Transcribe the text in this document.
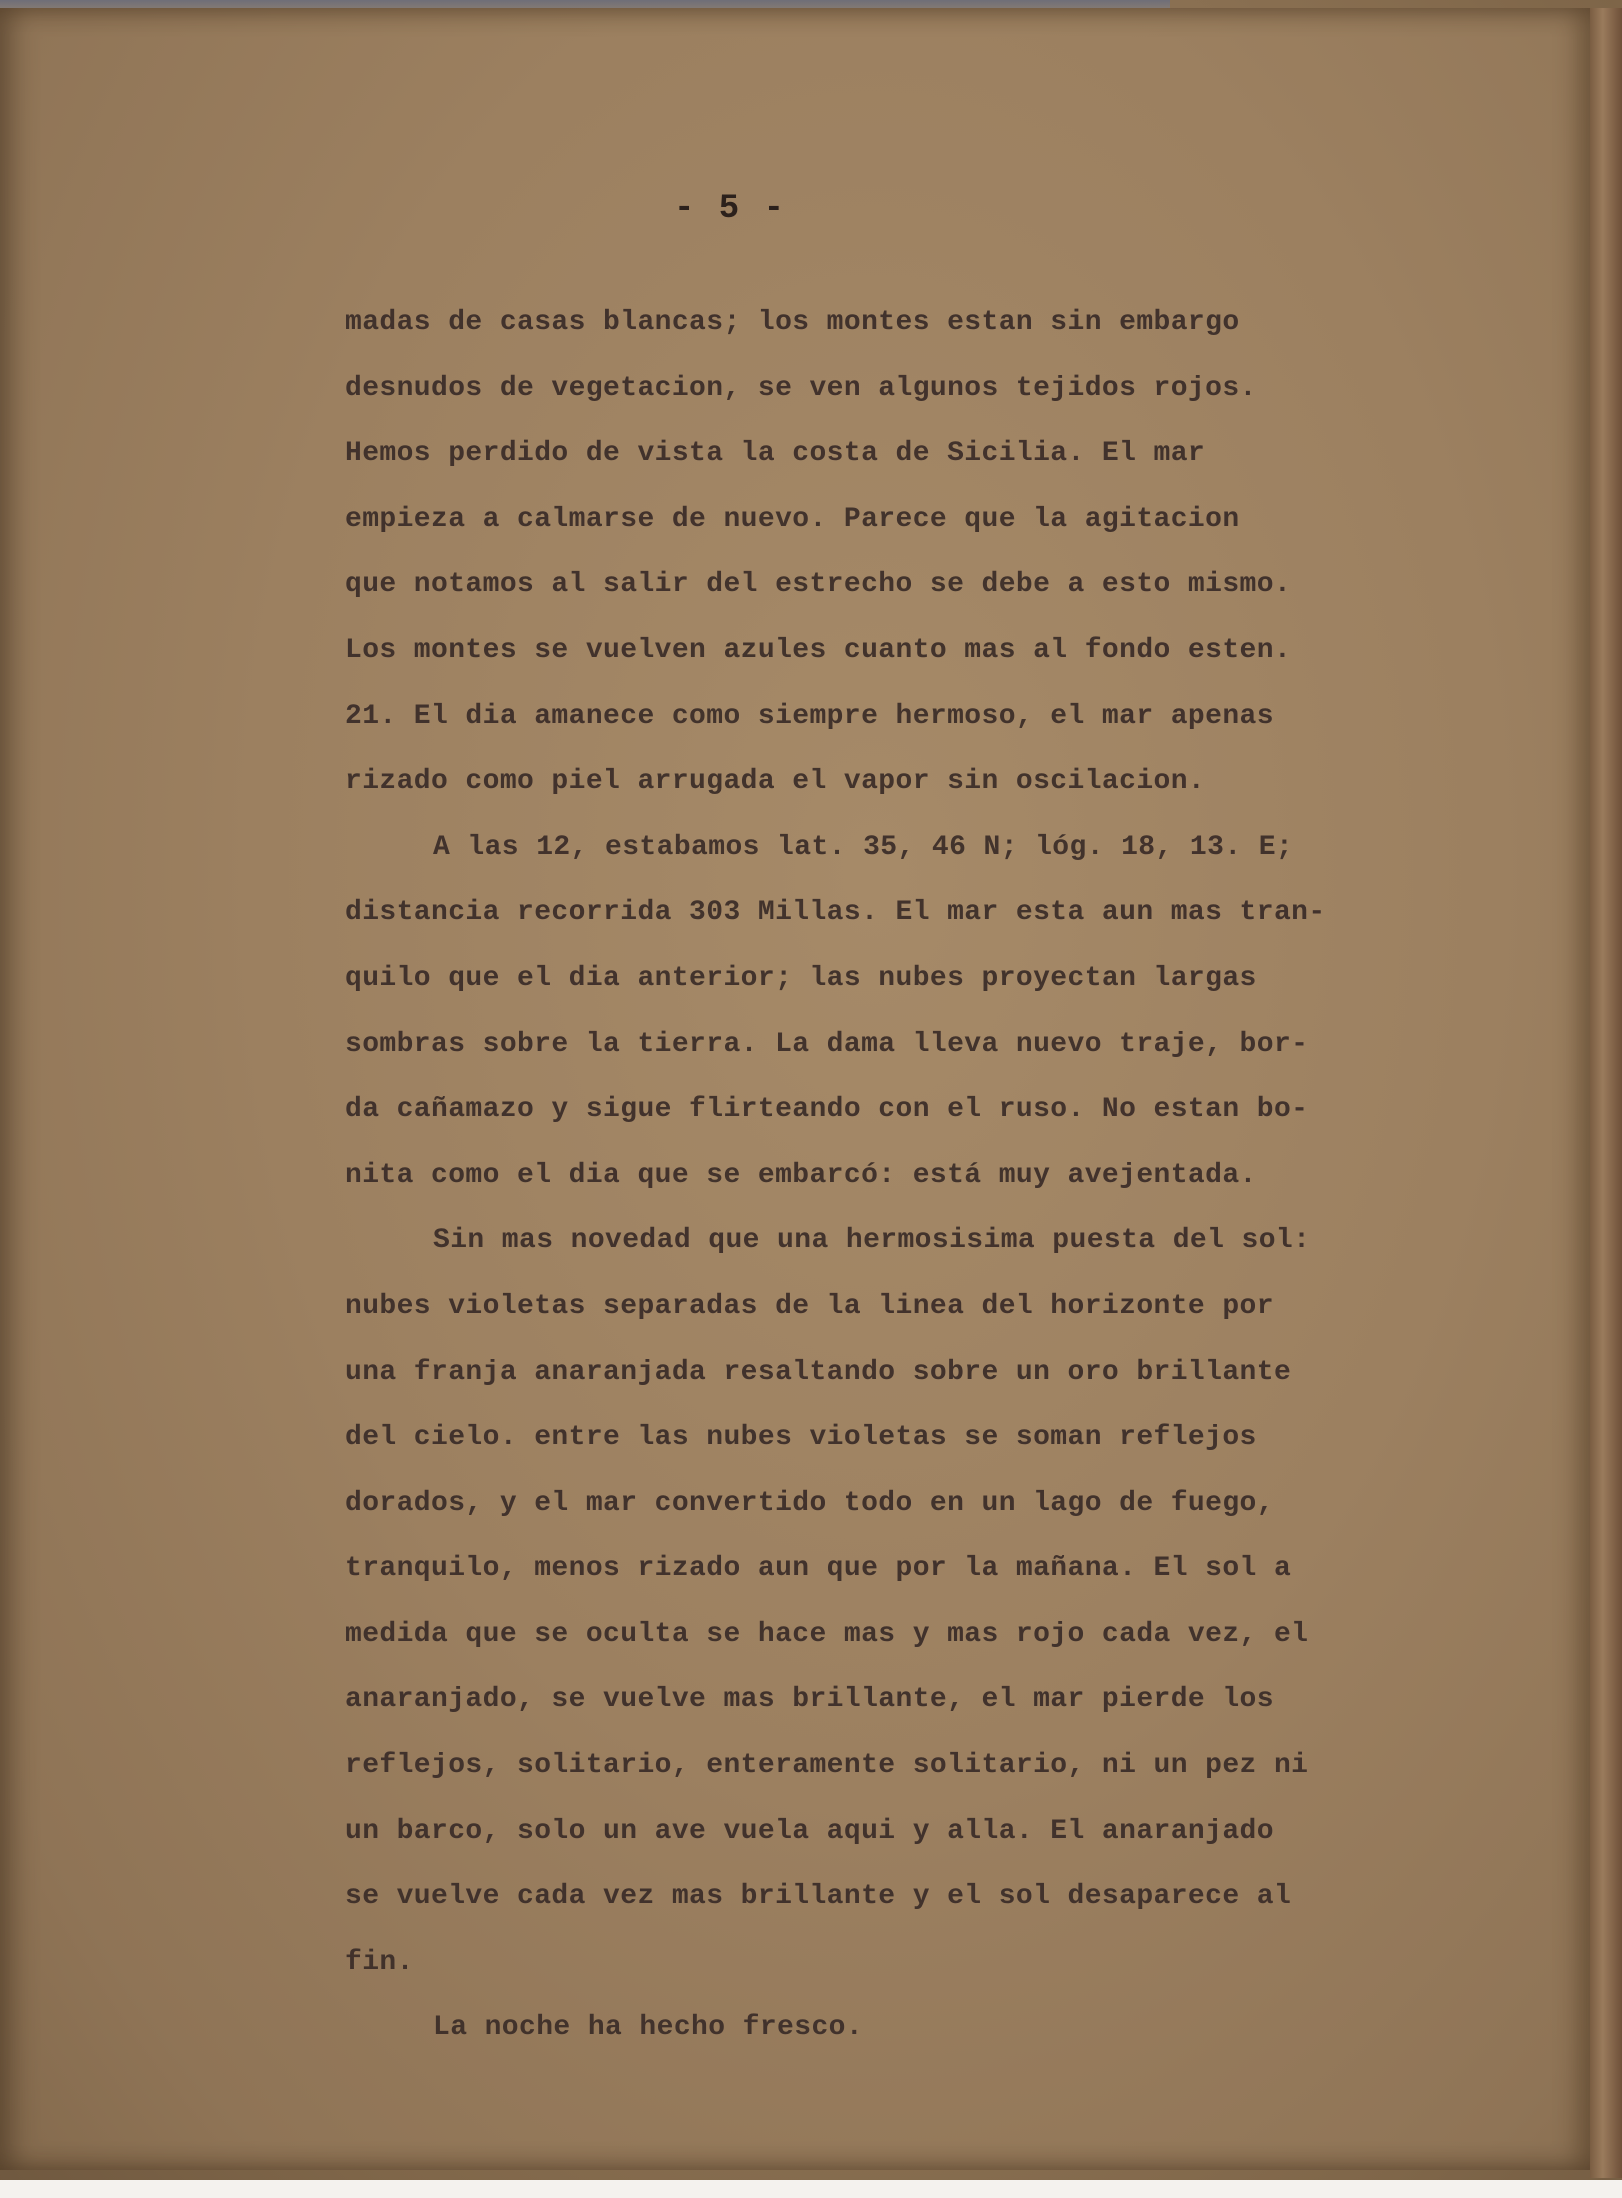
- 5 -
madas de casas blancas; los montes estan sin embargo
desnudos de vegetacion, se ven algunos tejidos rojos.
Hemos perdido de vista la costa de Sicilia. El mar
empieza a calmarse de nuevo. Parece que la agitacion
que notamos al salir del estrecho se debe a esto mismo.
Los montes se vuelven azules cuanto mas al fondo esten.
21. El dia amanece como siempre hermoso, el mar apenas
rizado como piel arrugada el vapor sin oscilacion.
A las 12, estabamos lat. 35, 46 N; lóg. 18, 13. E;
distancia recorrida 303 Millas. El mar esta aun mas tran-
quilo que el dia anterior; las nubes proyectan largas
sombras sobre la tierra. La dama lleva nuevo traje, bor-
da cañamazo y sigue flirteando con el ruso. No estan bo-
nita como el dia que se embarcó: está muy avejentada.
Sin mas novedad que una hermosisima puesta del sol:
nubes violetas separadas de la linea del horizonte por
una franja anaranjada resaltando sobre un oro brillante
del cielo. entre las nubes violetas se soman reflejos
dorados, y el mar convertido todo en un lago de fuego,
tranquilo, menos rizado aun que por la mañana. El sol a
medida que se oculta se hace mas y mas rojo cada vez, el
anaranjado, se vuelve mas brillante, el mar pierde los
reflejos, solitario, enteramente solitario, ni un pez ni
un barco, solo un ave vuela aqui y alla. El anaranjado
se vuelve cada vez mas brillante y el sol desaparece al
fin.
La noche ha hecho fresco.
